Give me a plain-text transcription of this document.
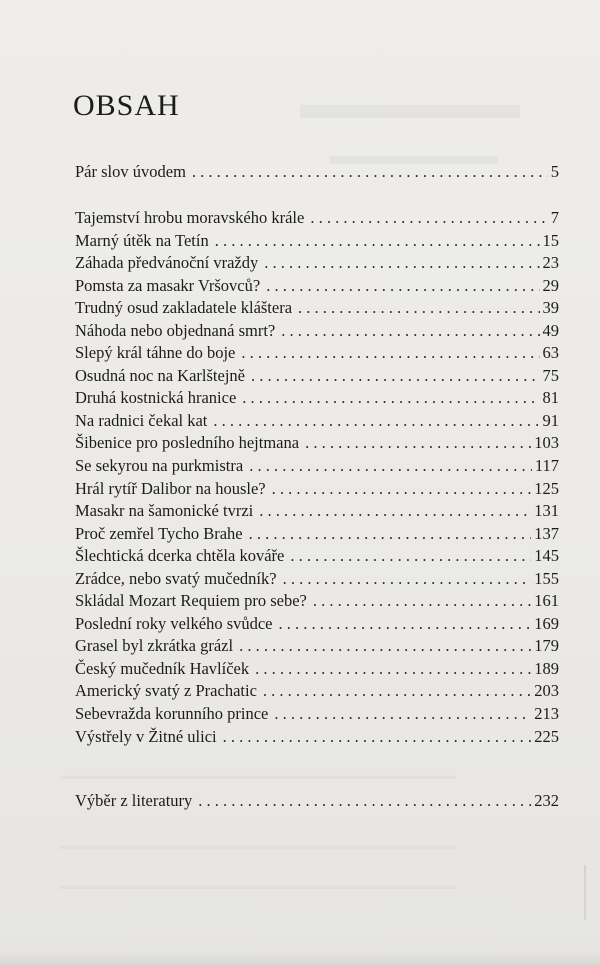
▬▬▬▬▬
▬▬▬▬▬▬
▬▬▬▬▬▬▬▬▬▬▬▬▬▬▬▬▬▬▬▬▬▬▬▬▬▬▬▬▬▬▬▬▬▬▬▬
▬▬▬▬▬▬▬▬▬▬▬▬▬▬▬▬▬▬▬▬▬▬▬▬▬▬▬▬▬▬▬▬▬▬▬▬
▬▬▬▬▬▬▬▬▬▬▬▬▬▬▬▬▬▬▬▬▬▬▬▬▬▬▬▬▬▬▬▬▬▬▬▬
OBSAH
Pár slov úvodem . . .	5
Tajemství hrobu moravského krále . . .	7
Marný útěk na Tetín . . .	15
Záhada předvánoční vraždy . . .	23
Pomsta za masakr Vršovců? . . .	29
Trudný osud zakladatele kláštera . . .	39
Náhoda nebo objednaná smrt? . . .	49
Slepý král táhne do boje . . .	63
Osudná noc na Karlštejně . . .	75
Druhá kostnická hranice . . .	81
Na radnici čekal kat . . .	91
Šibenice pro posledního hejtmana . . .	103
Se sekyrou na purkmistra . . .	117
Hrál rytíř Dalibor na housle? . . .	125
Masakr na šamonické tvrzi . . .	131
Proč zemřel Tycho Brahe . . .	137
Šlechtická dcerka chtěla kováře . . .	145
Zrádce, nebo svatý mučedník? . . .	155
Skládal Mozart Requiem pro sebe? . . .	161
Poslední roky velkého svůdce . . .	169
Grasel byl zkrátka grázl . . .	179
Český mučedník Havlíček . . .	189
Americký svatý z Prachatic . . .	203
Sebevražda korunního prince . . .	213
Výstřely v Žitné ulici . . .	225
Výběr z literatury . . .	232
